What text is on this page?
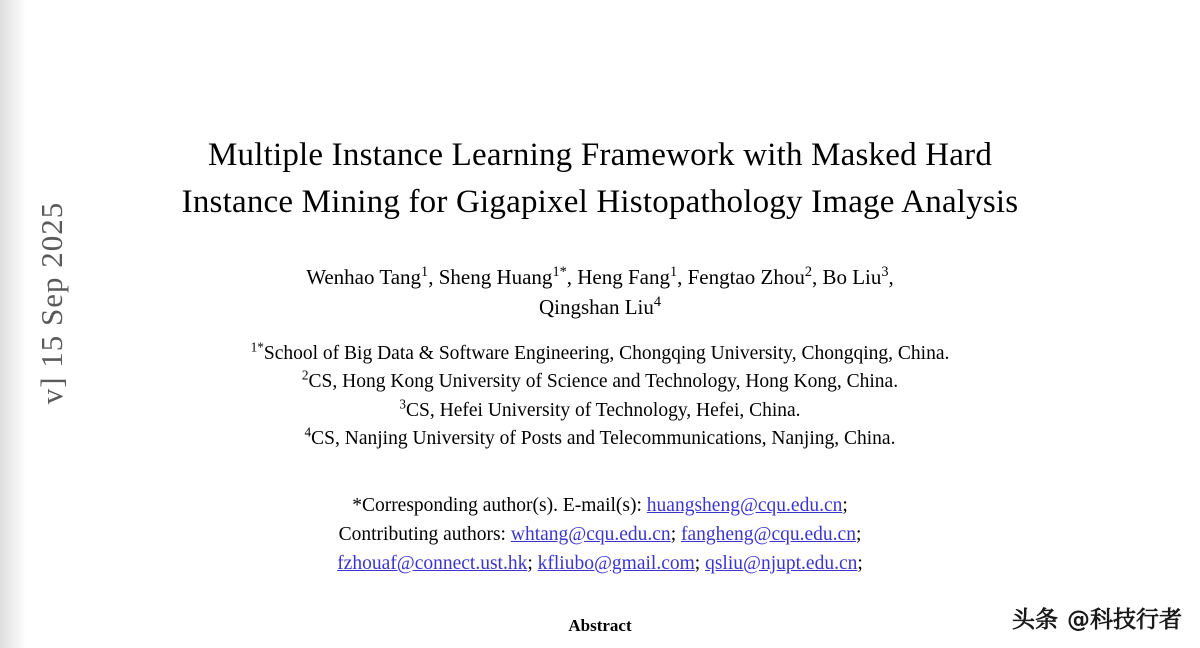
v] 15 Sep 2025
Multiple Instance Learning Framework with Masked Hard
Instance Mining for Gigapixel Histopathology Image Analysis
Wenhao Tang$^1$, Sheng Huang$^{1*}$, Heng Fang$^1$, Fengtao Zhou$^2$, Bo Liu$^3$,
Qingshan Liu$^4$
$^{1*}$School of Big Data & Software Engineering, Chongqing University, Chongqing, China.
$^2$CS, Hong Kong University of Science and Technology, Hong Kong, China.
$^3$CS, Hefei University of Technology, Hefei, China.
$^4$CS, Nanjing University of Posts and Telecommunications, Nanjing, China.
*Corresponding author(s). E-mail(s): huangsheng@cqu.edu.cn;
Contributing authors: whtang@cqu.edu.cn; fangheng@cqu.edu.cn;
fzhouaf@connect.ust.hk; kfliubo@gmail.com; qsliu@njupt.edu.cn;
Abstract	头条 @科技行者
